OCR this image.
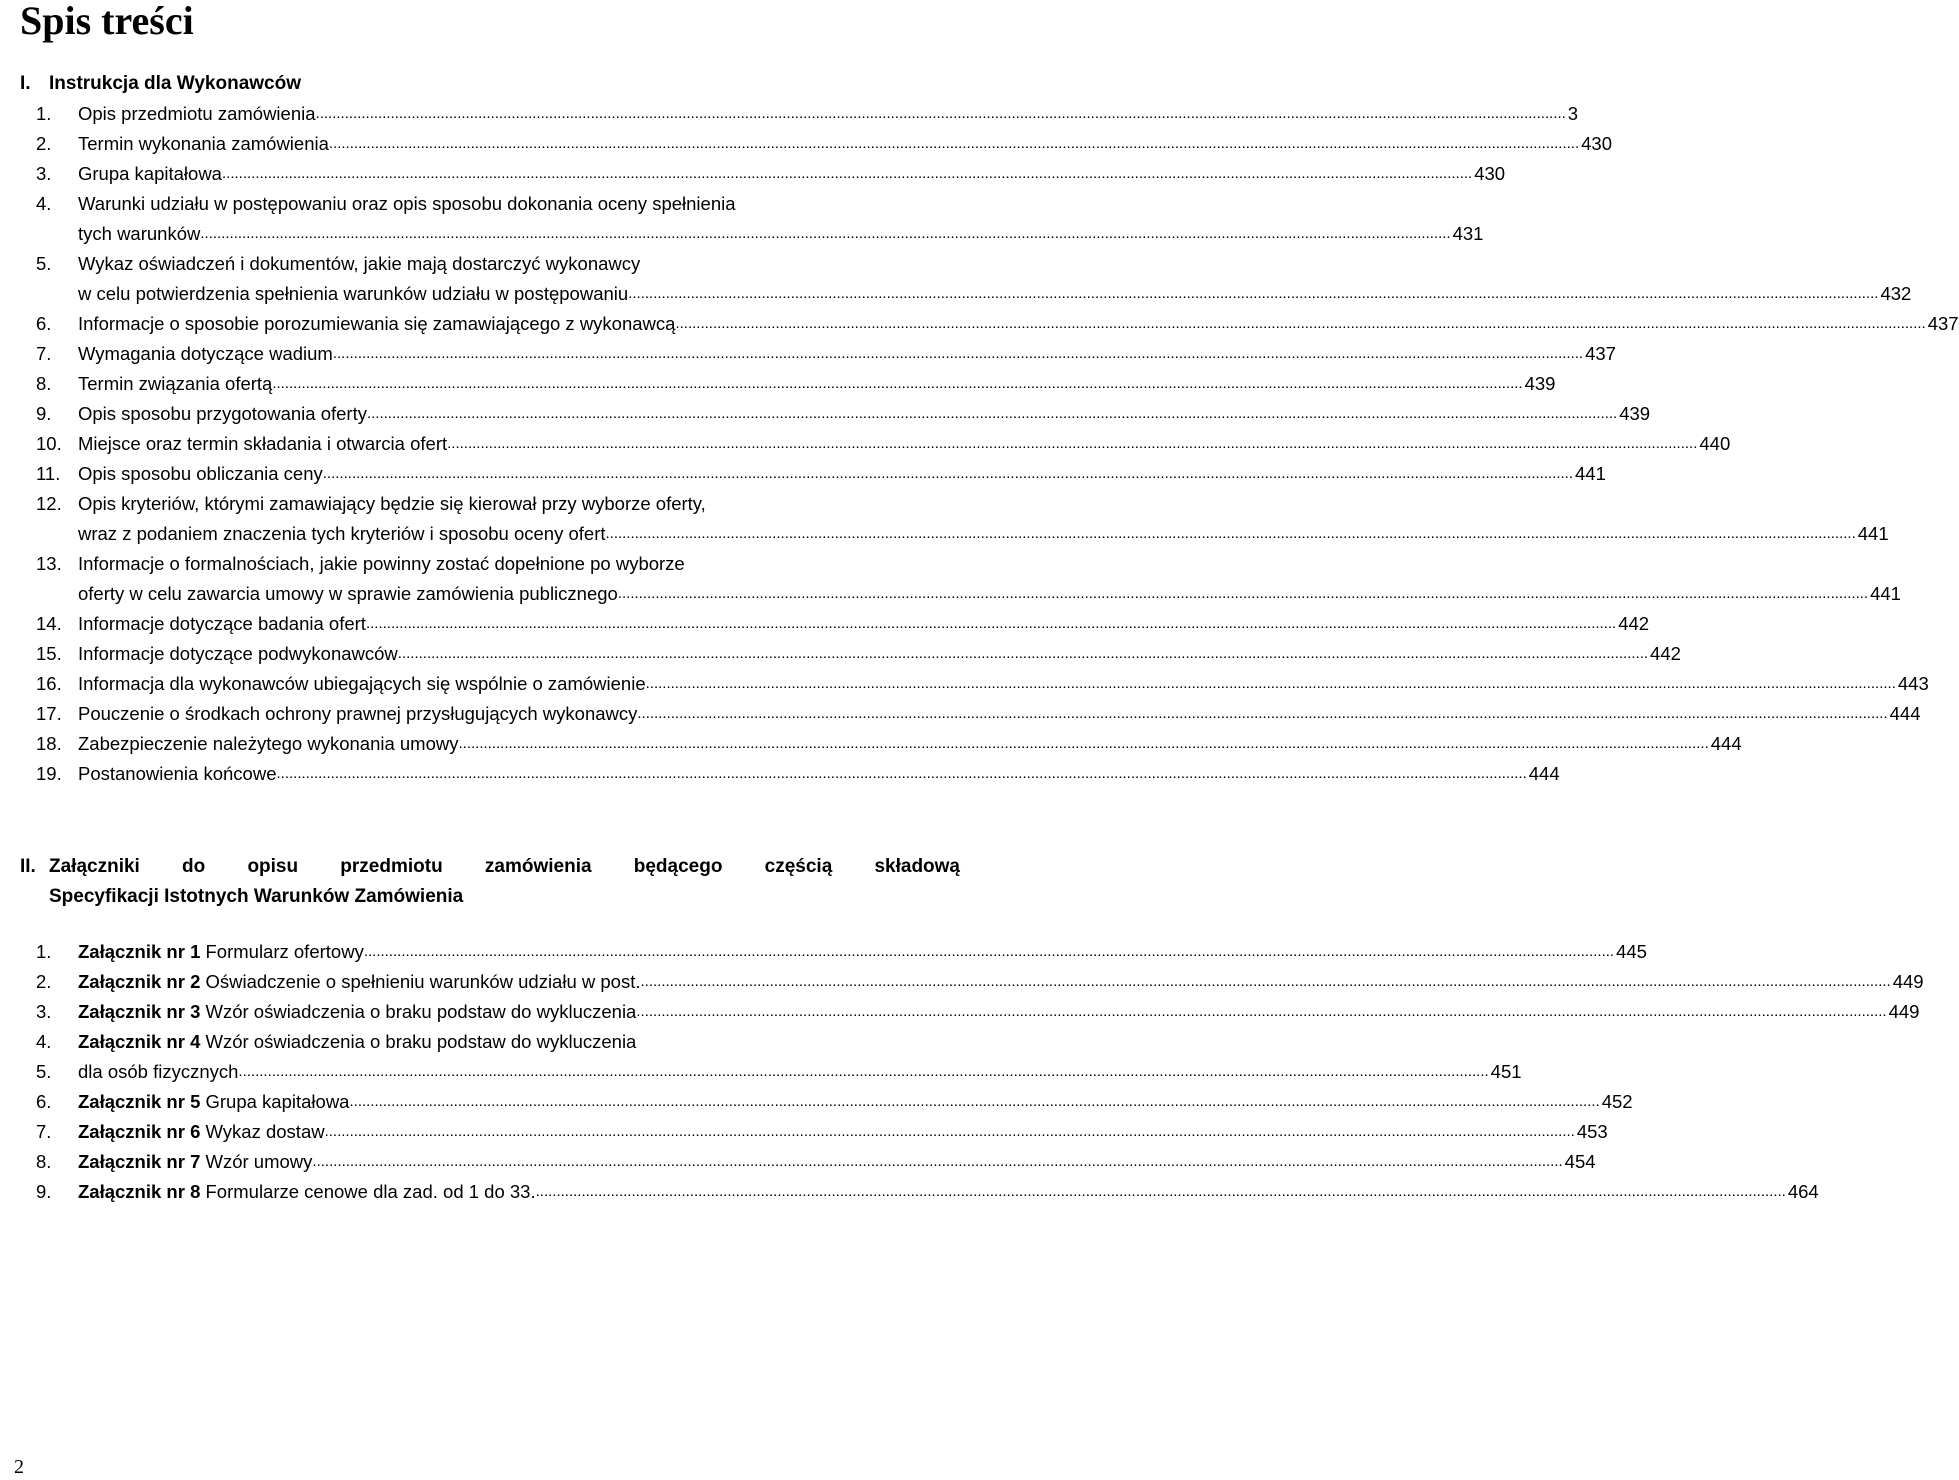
Spis treści
I. Instrukcja dla Wykonawców
1. Opis przedmiotu zamówienia ............................................................................................................................................................................................................................................................................................................ 3
2. Termin wykonania zamówienia ............................................................................................................................................................................................................................................................................................................ 430
3. Grupa kapitałowa ............................................................................................................................................................................................................................................................................................................ 430
4. Warunki udziału w postępowaniu oraz opis sposobu dokonania oceny spełnienia
tych warunków ............................................................................................................................................................................................................................................................................................................ 431
5. Wykaz oświadczeń i dokumentów, jakie mają dostarczyć wykonawcy
w celu potwierdzenia spełnienia warunków udziału w postępowaniu ............................................................................................................................................................................................................................................................................................................ 432
6. Informacje o sposobie porozumiewania się zamawiającego z wykonawcą ............................................................................................................................................................................................................................................................................................................ 437
7. Wymagania dotyczące wadium ............................................................................................................................................................................................................................................................................................................ 437
8. Termin związania ofertą ............................................................................................................................................................................................................................................................................................................ 439
9. Opis sposobu przygotowania oferty ............................................................................................................................................................................................................................................................................................................ 439
10. Miejsce oraz termin składania i otwarcia ofert ............................................................................................................................................................................................................................................................................................................ 440
11. Opis sposobu obliczania ceny ............................................................................................................................................................................................................................................................................................................ 441
12. Opis kryteriów, którymi zamawiający będzie się kierował przy wyborze oferty,
wraz z podaniem znaczenia tych kryteriów i sposobu oceny ofert ............................................................................................................................................................................................................................................................................................................ 441
13. Informacje o formalnościach, jakie powinny zostać dopełnione po wyborze
oferty w celu zawarcia umowy w sprawie zamówienia publicznego ............................................................................................................................................................................................................................................................................................................ 441
14. Informacje dotyczące badania ofert ............................................................................................................................................................................................................................................................................................................ 442
15. Informacje dotyczące podwykonawców ............................................................................................................................................................................................................................................................................................................ 442
16. Informacja dla wykonawców ubiegających się wspólnie o zamówienie ............................................................................................................................................................................................................................................................................................................ 443
17. Pouczenie o środkach ochrony prawnej przysługujących wykonawcy ............................................................................................................................................................................................................................................................................................................ 444
18. Zabezpieczenie należytego wykonania umowy ............................................................................................................................................................................................................................................................................................................ 444
19. Postanowienia końcowe ............................................................................................................................................................................................................................................................................................................ 444
II. Załączniki do opisu przedmiotu zamówienia będącego częścią składową
Specyfikacji Istotnych Warunków Zamówienia
1. Załącznik nr 1 Formularz ofertowy ............................................................................................................................................................................................................................................................................................................ 445
2. Załącznik nr 2 Oświadczenie o spełnieniu warunków udziału w post. ............................................................................................................................................................................................................................................................................................................ 449
3. Załącznik nr 3 Wzór oświadczenia o braku podstaw do wykluczenia ............................................................................................................................................................................................................................................................................................................ 449
4. Załącznik nr 4 Wzór oświadczenia o braku podstaw do wykluczenia
5. dla osób fizycznych ............................................................................................................................................................................................................................................................................................................ 451
6. Załącznik nr 5 Grupa kapitałowa ............................................................................................................................................................................................................................................................................................................ 452
7. Załącznik nr 6 Wykaz dostaw ............................................................................................................................................................................................................................................................................................................ 453
8. Załącznik nr 7 Wzór umowy ............................................................................................................................................................................................................................................................................................................ 454
9. Załącznik nr 8 Formularze cenowe dla zad. od 1 do 33. ............................................................................................................................................................................................................................................................................................................ 464
2
